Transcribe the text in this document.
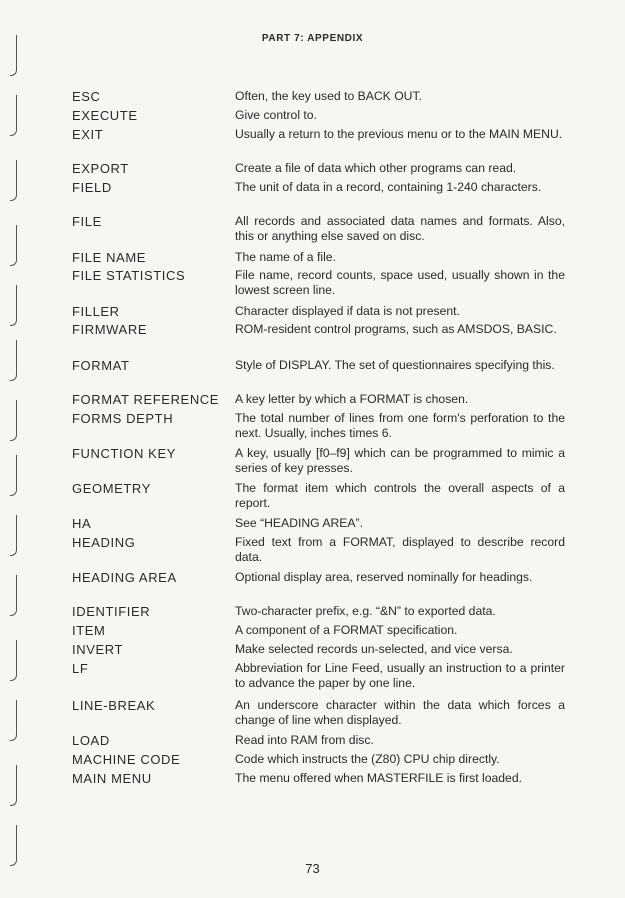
PART 7: APPENDIX
ESC	Often, the key used to BACK OUT.
EXECUTE	Give control to.
EXIT	Usually a return to the previous menu or to the MAIN MENU.
EXPORT	Create a file of data which other programs can read.
FIELD	The unit of data in a record, containing 1-240 characters.
FILE	All records and associated data names and formats. Also, this or anything else saved on disc.
FILE NAME	The name of a file.
FILE STATISTICS	File name, record counts, space used, usually shown in the lowest screen line.
FILLER	Character displayed if data is not present.
FIRMWARE	ROM-resident control programs, such as AMSDOS, BASIC.
FORMAT	Style of DISPLAY. The set of questionnaires specifying this.
FORMAT REFERENCE	A key letter by which a FORMAT is chosen.
FORMS DEPTH	The total number of lines from one form's perforation to the next. Usually, inches times 6.
FUNCTION KEY	A key, usually [f0–f9] which can be programmed to mimic a series of key presses.
GEOMETRY	The format item which controls the overall aspects of a report.
HA	See “HEADING AREA”.
HEADING	Fixed text from a FORMAT, displayed to describe record data.
HEADING AREA	Optional display area, reserved nominally for headings.
IDENTIFIER	Two-character prefix, e.g. “&N” to exported data.
ITEM	A component of a FORMAT specification.
INVERT	Make selected records un-selected, and vice versa.
LF	Abbreviation for Line Feed, usually an instruction to a printer to advance the paper by one line.
LINE-BREAK	An underscore character within the data which forces a change of line when displayed.
LOAD	Read into RAM from disc.
MACHINE CODE	Code which instructs the (Z80) CPU chip directly.
MAIN MENU	The menu offered when MASTERFILE is first loaded.
73
